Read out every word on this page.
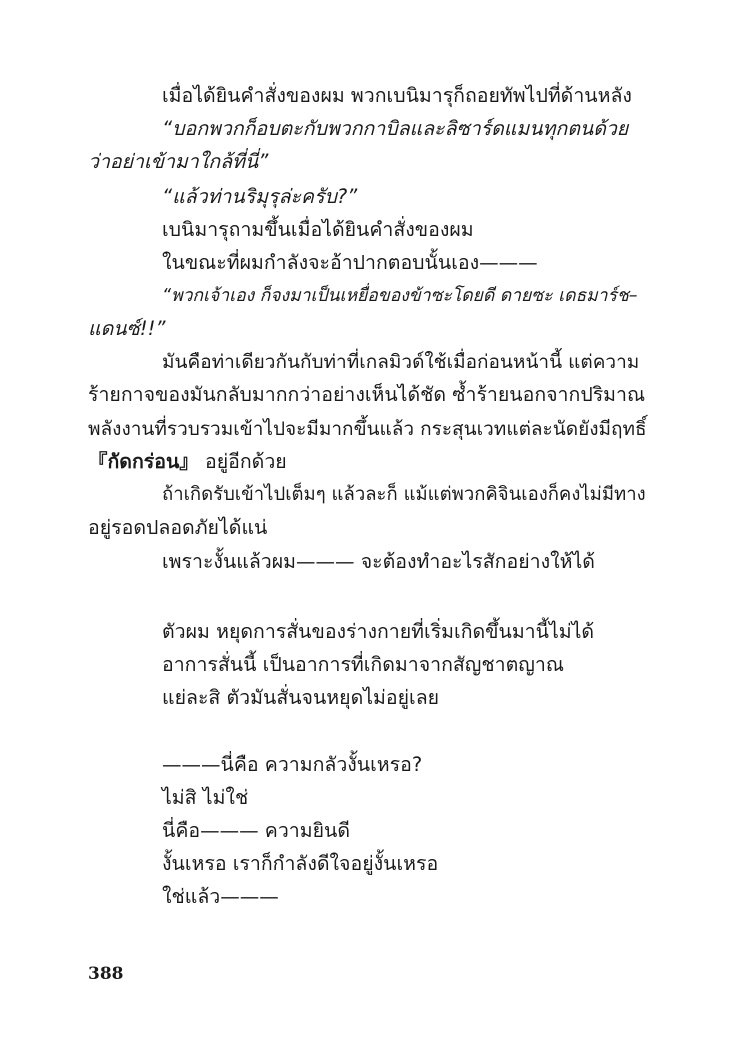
เมื่อได้ยินคำสั่งของผม พวกเบนิมารุก็ถอยทัพไปที่ด้านหลัง
“บอกพวกก็อบตะกับพวกกาบิลและลิซาร์ดแมนทุกตนด้วย
ว่าอย่าเข้ามาใกล้ที่นี่”
“แล้วท่านริมุรุล่ะครับ?”
เบนิมารุถามขึ้นเมื่อได้ยินคำสั่งของผม
ในขณะที่ผมกำลังจะอ้าปากตอบนั้นเอง———
“พวกเจ้าเอง ก็จงมาเป็นเหยื่อของข้าซะโดยดี ดายซะ เดธมาร์ช–
แดนซ์!!”
มันคือท่าเดียวกันกับท่าที่เกลมิวด์ใช้เมื่อก่อนหน้านี้ แต่ความ
ร้ายกาจของมันกลับมากกว่าอย่างเห็นได้ชัด ซ้ำร้ายนอกจากปริมาณ
พลังงานที่รวบรวมเข้าไปจะมีมากขึ้นแล้ว กระสุนเวทแต่ละนัดยังมีฤทธิ์
『กัดกร่อน』 อยู่อีกด้วย
ถ้าเกิดรับเข้าไปเต็มๆ แล้วละก็ แม้แต่พวกคิจินเองก็คงไม่มีทาง
อยู่รอดปลอดภัยได้แน่
เพราะงั้นแล้วผม——— จะต้องทำอะไรสักอย่างให้ได้
ตัวผม หยุดการสั่นของร่างกายที่เริ่มเกิดขึ้นมานี้ไม่ได้
อาการสั่นนี้ เป็นอาการที่เกิดมาจากสัญชาตญาณ
แย่ละสิ ตัวมันสั่นจนหยุดไม่อยู่เลย
———นี่คือ ความกลัวงั้นเหรอ?
ไม่สิ ไม่ใช่
นี่คือ——— ความยินดี
งั้นเหรอ เราก็กำลังดีใจอยู่งั้นเหรอ
ใช่แล้ว———
388
